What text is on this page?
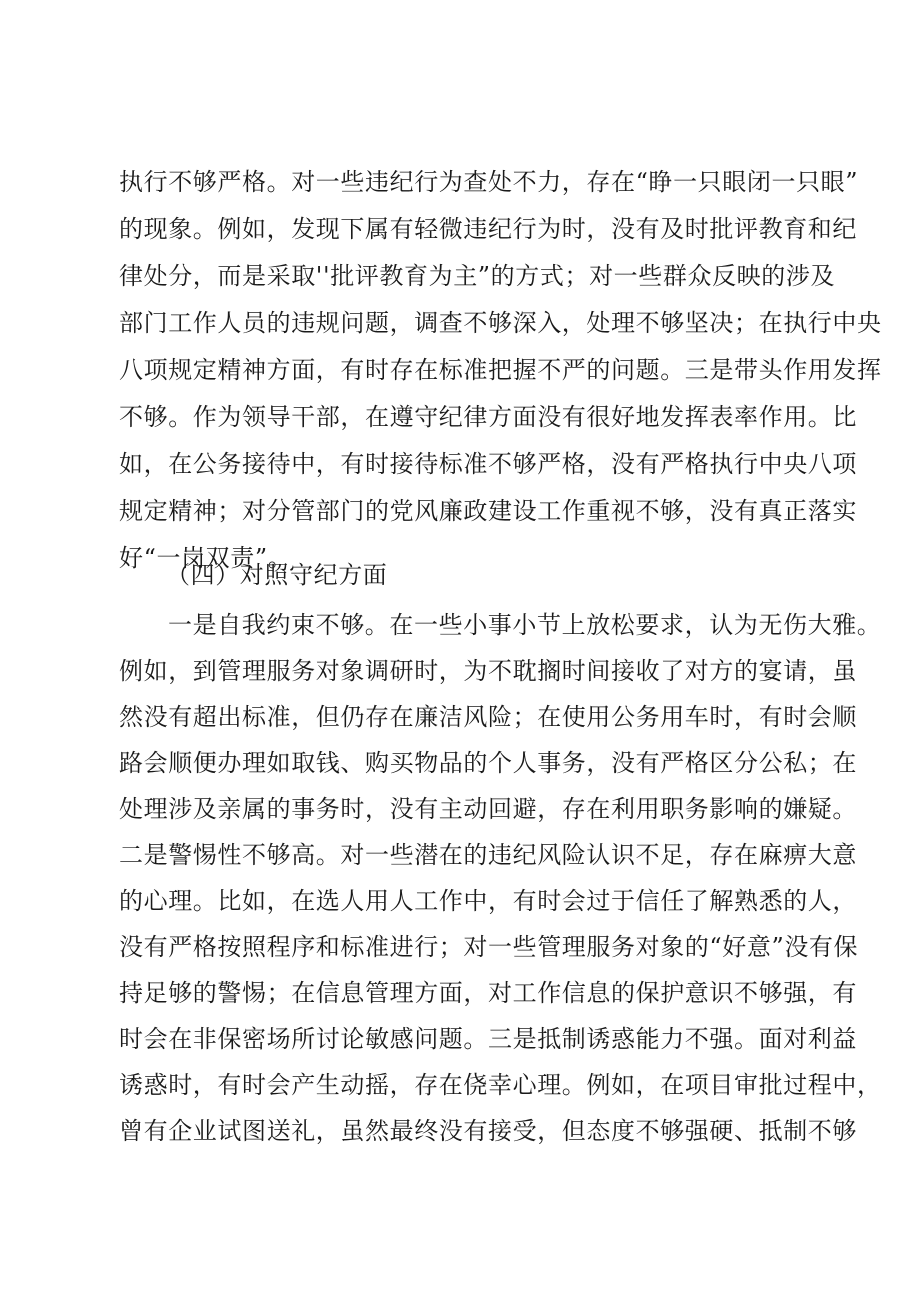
执行不够严格。对一些违纪行为查处不力，存在“睁一只眼闭一只眼”
的现象。例如，发现下属有轻微违纪行为时，没有及时批评教育和纪
律处分，而是采取''批评教育为主”的方式；对一些群众反映的涉及
部门工作人员的违规问题，调查不够深入，处理不够坚决；在执行中央
八项规定精神方面，有时存在标准把握不严的问题。三是带头作用发挥
不够。作为领导干部，在遵守纪律方面没有很好地发挥表率作用。比
如，在公务接待中，有时接待标准不够严格，没有严格执行中央八项
规定精神；对分管部门的党风廉政建设工作重视不够，没有真正落实
好“一岗双责”。
（四）对照守纪方面
一是自我约束不够。在一些小事小节上放松要求，认为无伤大雅。
例如，到管理服务对象调研时，为不耽搁时间接收了对方的宴请，虽
然没有超出标准，但仍存在廉洁风险；在使用公务用车时，有时会顺
路会顺便办理如取钱、购买物品的个人事务，没有严格区分公私；在
处理涉及亲属的事务时，没有主动回避，存在利用职务影响的嫌疑。
二是警惕性不够高。对一些潜在的违纪风险认识不足，存在麻痹大意
的心理。比如，在选人用人工作中，有时会过于信任了解熟悉的人，
没有严格按照程序和标准进行；对一些管理服务对象的“好意”没有保
持足够的警惕；在信息管理方面，对工作信息的保护意识不够强，有
时会在非保密场所讨论敏感问题。三是抵制诱惑能力不强。面对利益
诱惑时，有时会产生动摇，存在侥幸心理。例如，在项目审批过程中，
曾有企业试图送礼，虽然最终没有接受，但态度不够强硬、抵制不够
